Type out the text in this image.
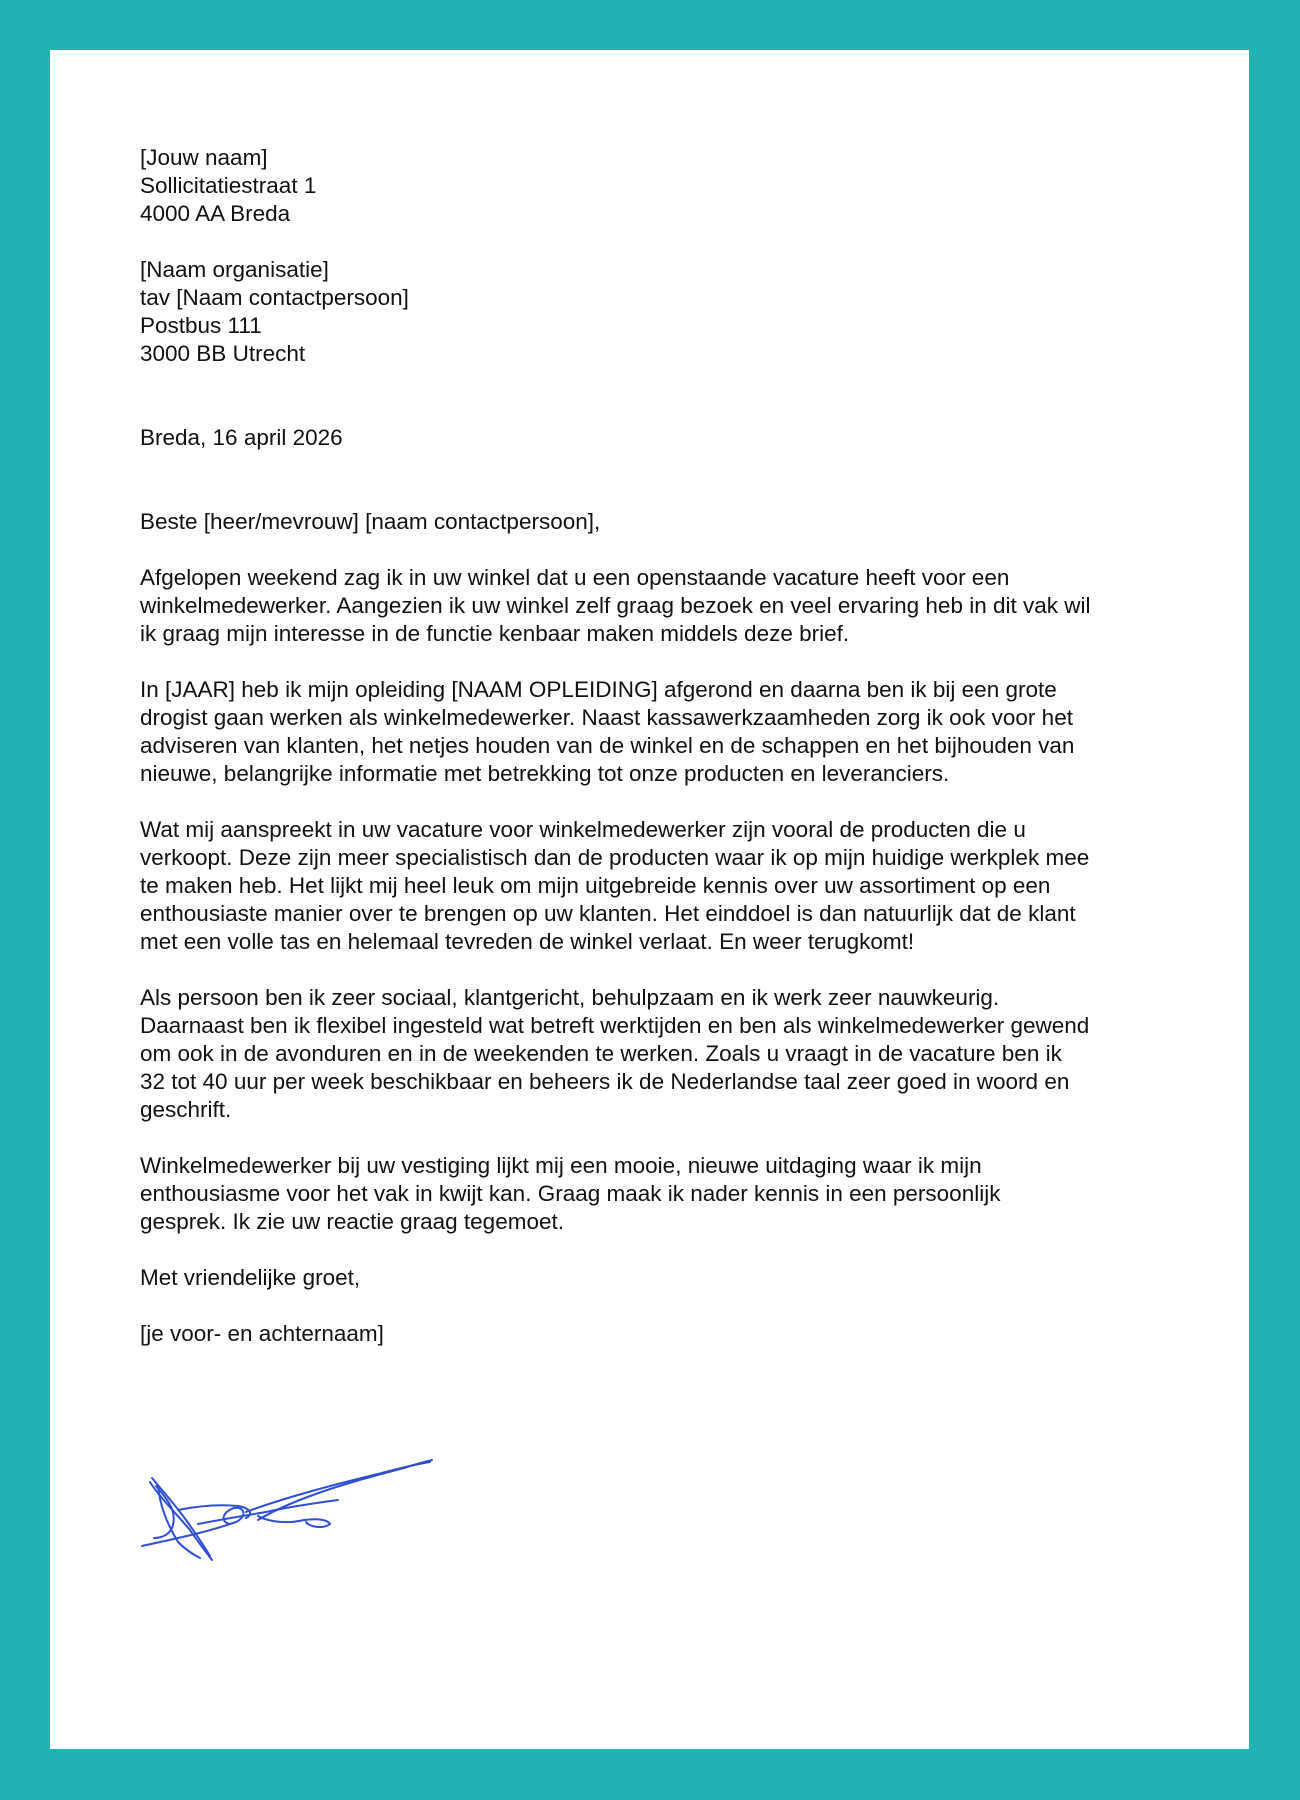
[Jouw naam]
Sollicitatiestraat 1
4000 AA Breda
[Naam organisatie]
tav [Naam contactpersoon]
Postbus 111
3000 BB Utrecht
Breda, 16 april 2026
Beste [heer/mevrouw] [naam contactpersoon],
Afgelopen weekend zag ik in uw winkel dat u een openstaande vacature heeft voor een
winkelmedewerker. Aangezien ik uw winkel zelf graag bezoek en veel ervaring heb in dit vak wil
ik graag mijn interesse in de functie kenbaar maken middels deze brief.
In [JAAR] heb ik mijn opleiding [NAAM OPLEIDING] afgerond en daarna ben ik bij een grote
drogist gaan werken als winkelmedewerker. Naast kassawerkzaamheden zorg ik ook voor het
adviseren van klanten, het netjes houden van de winkel en de schappen en het bijhouden van
nieuwe, belangrijke informatie met betrekking tot onze producten en leveranciers.
Wat mij aanspreekt in uw vacature voor winkelmedewerker zijn vooral de producten die u
verkoopt. Deze zijn meer specialistisch dan de producten waar ik op mijn huidige werkplek mee
te maken heb. Het lijkt mij heel leuk om mijn uitgebreide kennis over uw assortiment op een
enthousiaste manier over te brengen op uw klanten. Het einddoel is dan natuurlijk dat de klant
met een volle tas en helemaal tevreden de winkel verlaat. En weer terugkomt!
Als persoon ben ik zeer sociaal, klantgericht, behulpzaam en ik werk zeer nauwkeurig.
Daarnaast ben ik flexibel ingesteld wat betreft werktijden en ben als winkelmedewerker gewend
om ook in de avonduren en in de weekenden te werken. Zoals u vraagt in de vacature ben ik
32 tot 40 uur per week beschikbaar en beheers ik de Nederlandse taal zeer goed in woord en
geschrift.
Winkelmedewerker bij uw vestiging lijkt mij een mooie, nieuwe uitdaging waar ik mijn
enthousiasme voor het vak in kwijt kan. Graag maak ik nader kennis in een persoonlijk
gesprek. Ik zie uw reactie graag tegemoet.
Met vriendelijke groet,
[je voor- en achternaam]
